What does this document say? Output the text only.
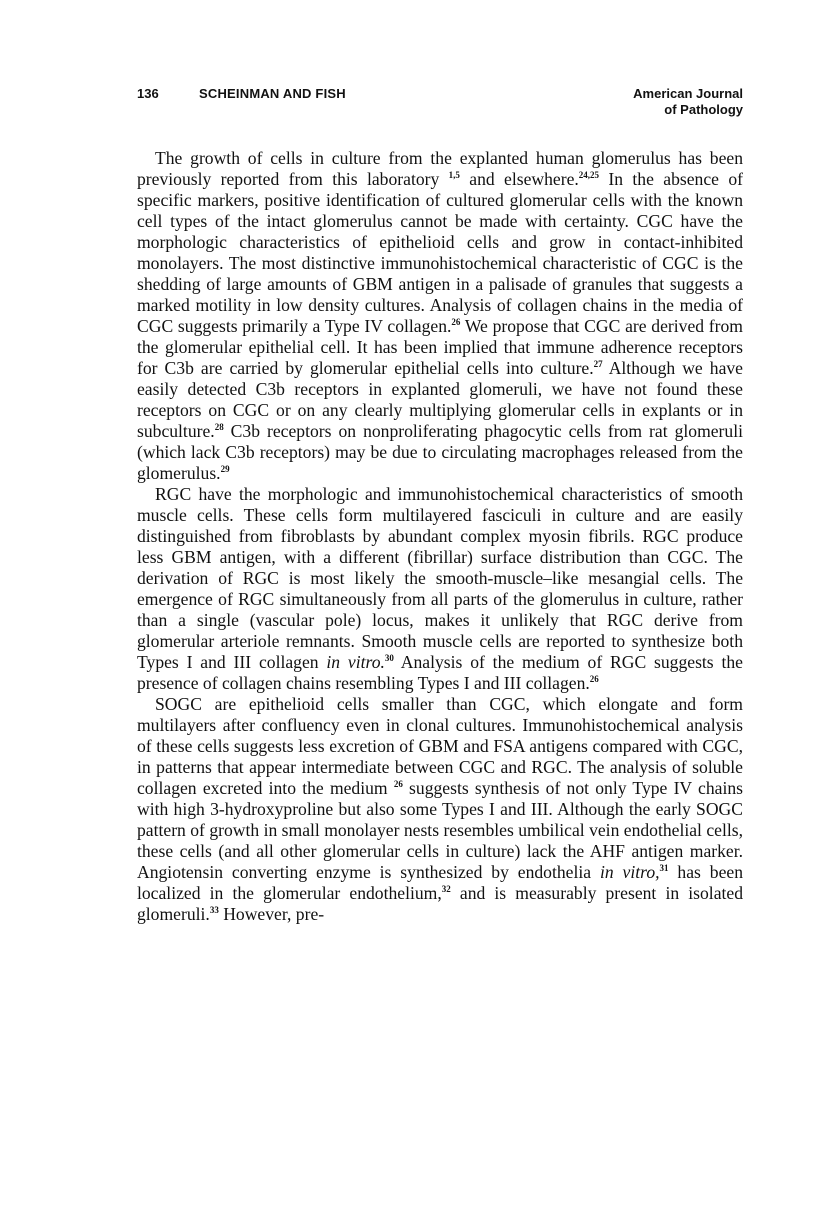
136	SCHEINMAN AND FISH	American Journal
of Pathology

The growth of cells in culture from the explanted human glomerulus has been previously reported from this laboratory $^{1,5}$ and elsewhere.$^{24,25}$ In the absence of specific markers, positive identification of cultured glomerular cells with the known cell types of the intact glomerulus cannot be made with certainty. CGC have the morphologic characteristics of epithelioid cells and grow in contact-inhibited monolayers. The most distinctive immunohistochemical characteristic of CGC is the shedding of large amounts of GBM antigen in a palisade of granules that suggests a marked motility in low density cultures. Analysis of collagen chains in the media of CGC suggests primarily a Type IV collagen.$^{26}$ We propose that CGC are derived from the glomerular epithelial cell. It has been implied that immune adherence receptors for C3b are carried by glomerular epithelial cells into culture.$^{27}$ Although we have easily detected C3b receptors in explanted glomeruli, we have not found these receptors on CGC or on any clearly multiplying glomerular cells in explants or in subculture.$^{28}$ C3b receptors on nonproliferating phagocytic cells from rat glomeruli (which lack C3b receptors) may be due to circulating macrophages released from the glomerulus.$^{29}$

RGC have the morphologic and immunohistochemical characteristics of smooth muscle cells. These cells form multilayered fasciculi in culture and are easily distinguished from fibroblasts by abundant complex myosin fibrils. RGC produce less GBM antigen, with a different (fibrillar) surface distribution than CGC. The derivation of RGC is most likely the smooth-muscle–like mesangial cells. The emergence of RGC simultaneously from all parts of the glomerulus in culture, rather than a single (vascular pole) locus, makes it unlikely that RGC derive from glomerular arteriole remnants. Smooth muscle cells are reported to synthesize both Types I and III collagen in vitro.$^{30}$ Analysis of the medium of RGC suggests the presence of collagen chains resembling Types I and III collagen.$^{26}$

SOGC are epithelioid cells smaller than CGC, which elongate and form multilayers after confluency even in clonal cultures. Immunohistochemical analysis of these cells suggests less excretion of GBM and FSA antigens compared with CGC, in patterns that appear intermediate between CGC and RGC. The analysis of soluble collagen excreted into the medium $^{26}$ suggests synthesis of not only Type IV chains with high 3-hydroxyproline but also some Types I and III. Although the early SOGC pattern of growth in small monolayer nests resembles umbilical vein endothelial cells, these cells (and all other glomerular cells in culture) lack the AHF antigen marker. Angiotensin converting enzyme is synthesized by endothelia in vitro,$^{31}$ has been localized in the glomerular endothelium,$^{32}$ and is measurably present in isolated glomeruli.$^{33}$ However, pre-
